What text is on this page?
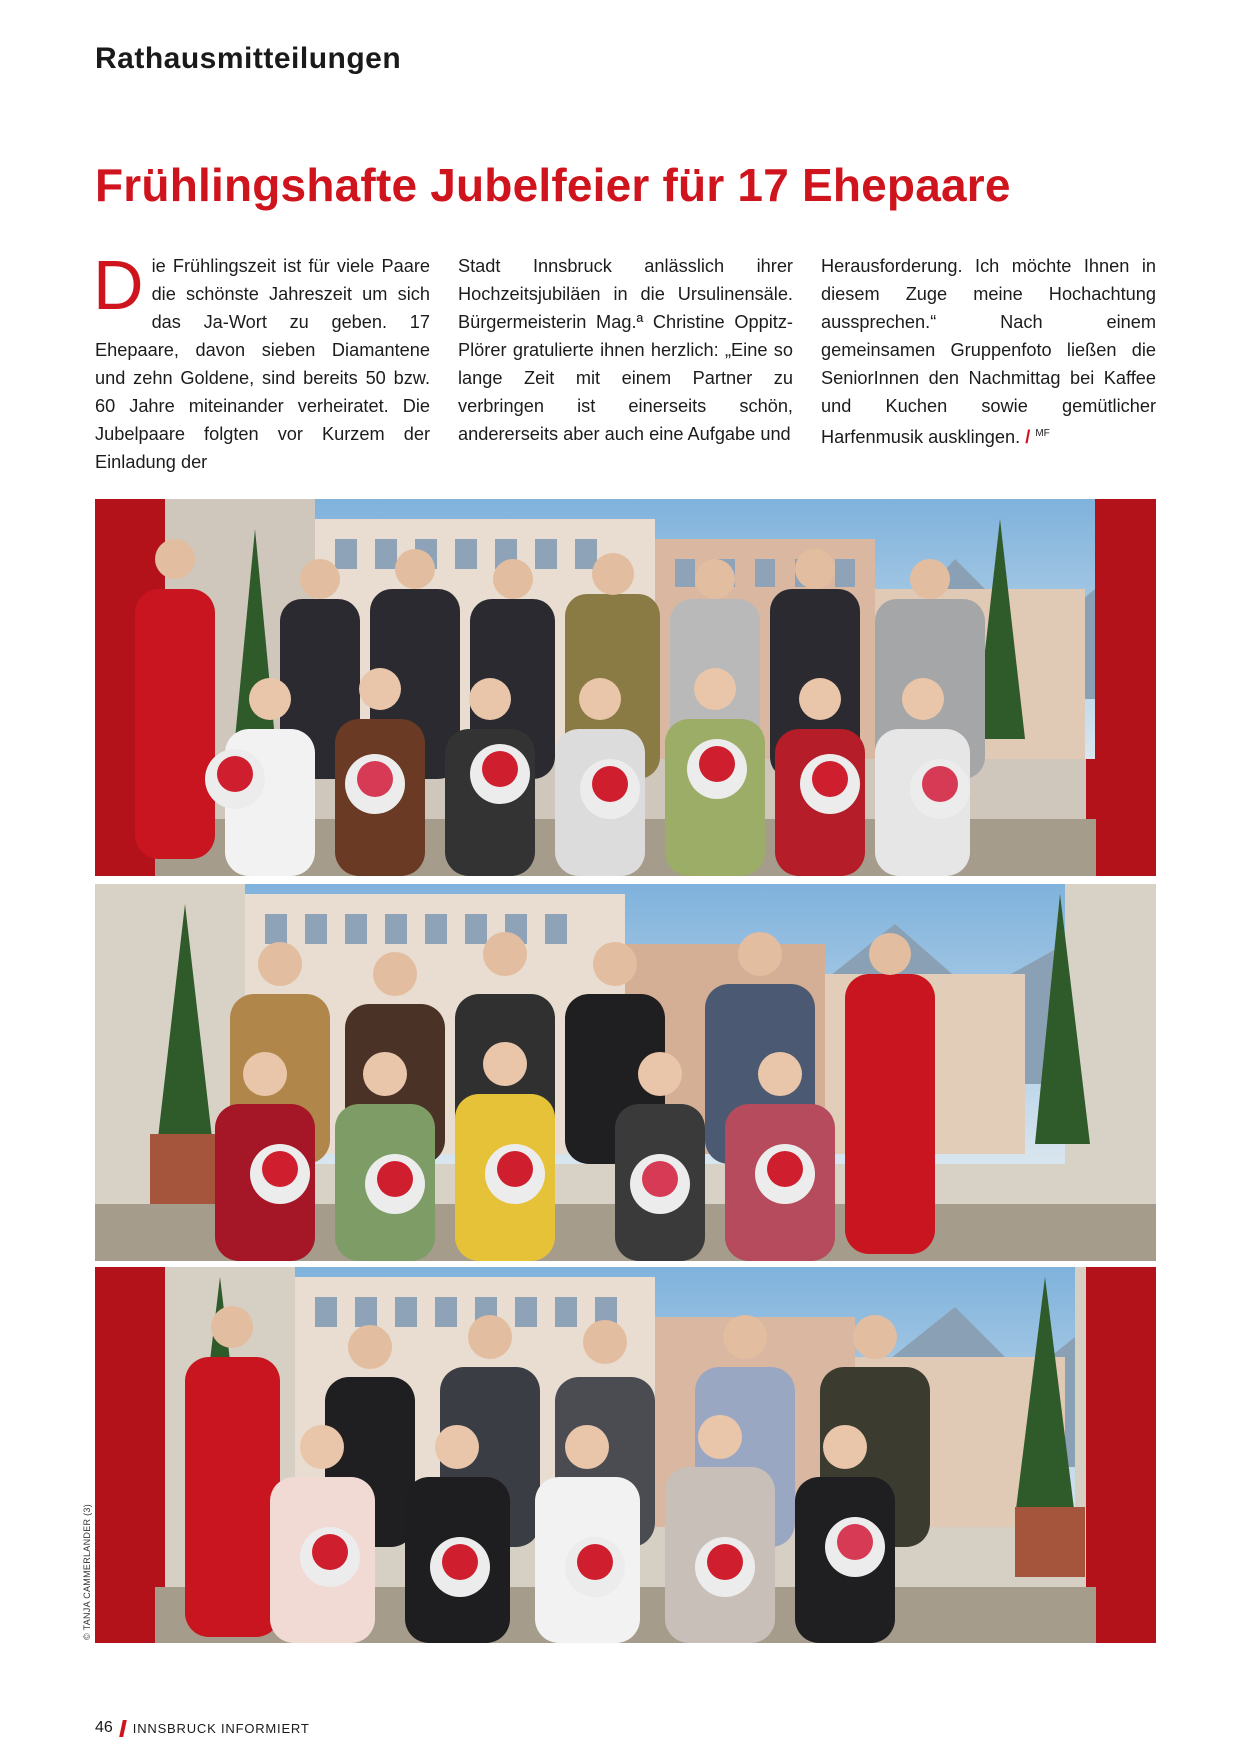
Rathausmitteilungen
Frühlingshafte Jubelfeier für 17 Ehepaare
Die Frühlingszeit ist für viele Paare die schönste Jahreszeit um sich das Ja-Wort zu geben. 17 Ehepaare, davon sieben Diamantene und zehn Goldene, sind bereits 50 bzw. 60 Jahre miteinander verheiratet. Die Jubelpaare folgten vor Kurzem der Einladung der
Stadt Innsbruck anlässlich ihrer Hochzeitsjubiläen in die Ursulinensäle. Bürgermeisterin Mag.ª Christine Oppitz-Plörer gratulierte ihnen herzlich: „Eine so lange Zeit mit einem Partner zu verbringen ist einerseits schön, andererseits aber auch eine Aufgabe und
Herausforderung. Ich möchte Ihnen in diesem Zuge meine Hochachtung aussprechen.“ Nach einem gemeinsamen Gruppenfoto ließen die SeniorInnen den Nachmittag bei Kaffee und Kuchen sowie gemütlicher Harfenmusik ausklingen. / $^{MF}$
© TANJA CAMMERLANDER (3)
46 INNSBRUCK INFORMIERT
